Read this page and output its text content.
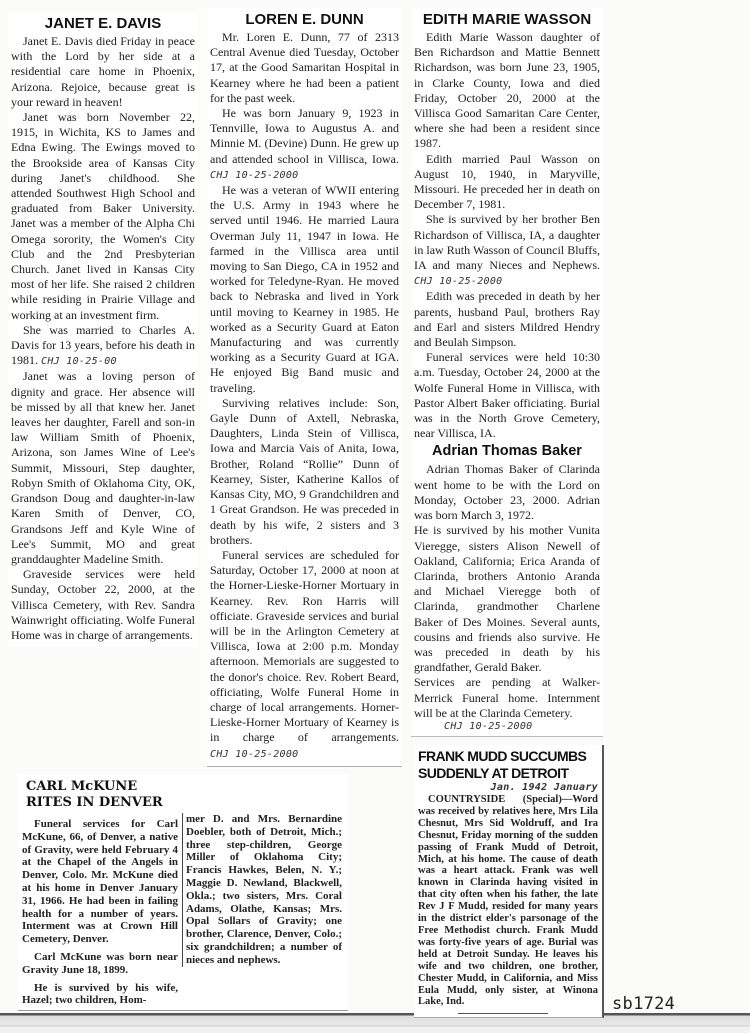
JANET E. DAVIS

Janet E. Davis died Friday in peace with the Lord by her side at a residential care home in Phoenix, Arizona. Rejoice, because great is your reward in heaven!

Janet was born November 22, 1915, in Wichita, KS to James and Edna Ewing. The Ewings moved to the Brookside area of Kansas City during Janet's childhood. She attended Southwest High School and graduated from Baker University. Janet was a member of the Alpha Chi Omega sorority, the Women's City Club and the 2nd Presbyterian Church. Janet lived in Kansas City most of her life. She raised 2 children while residing in Prairie Village and working at an investment firm.

She was married to Charles A. Davis for 13 years, before his death in 1981. CHJ 10-25-00

Janet was a loving person of dignity and grace. Her absence will be missed by all that knew her. Janet leaves her daughter, Farell and son-in law William Smith of Phoenix, Arizona, son James Wine of Lee's Summit, Missouri, Step daughter, Robyn Smith of Oklahoma City, OK, Grandson Doug and daughter-in-law Karen Smith of Denver, CO, Grandsons Jeff and Kyle Wine of Lee's Summit, MO and great granddaughter Madeline Smith.

Graveside services were held Sunday, October 22, 2000, at the Villisca Cemetery, with Rev. Sandra Wainwright officiating. Wolfe Funeral Home was in charge of arrangements.

LOREN E. DUNN

Mr. Loren E. Dunn, 77 of 2313 Central Avenue died Tuesday, October 17, at the Good Samaritan Hospital in Kearney where he had been a patient for the past week.

He was born January 9, 1923 in Tennville, Iowa to Augustus A. and Minnie M. (Devine) Dunn. He grew up and attended school in Villisca, Iowa. CHJ 10-25-2000

He was a veteran of WWII entering the U.S. Army in 1943 where he served until 1946. He married Laura Overman July 11, 1947 in Iowa. He farmed in the Villisca area until moving to San Diego, CA in 1952 and worked for Teledyne-Ryan. He moved back to Nebraska and lived in York until moving to Kearney in 1985. He worked as a Security Guard at Eaton Manufacturing and was currently working as a Security Guard at IGA. He enjoyed Big Band music and traveling.

Surviving relatives include: Son, Gayle Dunn of Axtell, Nebraska, Daughters, Linda Stein of Villisca, Iowa and Marcia Vais of Anita, Iowa, Brother, Roland “Rollie” Dunn of Kearney, Sister, Katherine Kallos of Kansas City, MO, 9 Grandchildren and 1 Great Grandson. He was preceded in death by his wife, 2 sisters and 3 brothers.

Funeral services are scheduled for Saturday, October 17, 2000 at noon at the Horner-Lieske-Horner Mortuary in Kearney. Rev. Ron Harris will officiate. Graveside services and burial will be in the Arlington Cemetery at Villisca, Iowa at 2:00 p.m. Monday afternoon. Memorials are suggested to the donor's choice. Rev. Robert Beard, officiating, Wolfe Funeral Home in charge of local arrangements. Horner-Lieske-Horner Mortuary of Kearney is in charge of arrangements. CHJ 10-25-2000

EDITH MARIE WASSON

Edith Marie Wasson daughter of Ben Richardson and Mattie Bennett Richardson, was born June 23, 1905, in Clarke County, Iowa and died Friday, October 20, 2000 at the Villisca Good Samaritan Care Center, where she had been a resident since 1987.

Edith married Paul Wasson on August 10, 1940, in Maryville, Missouri. He preceded her in death on December 7, 1981.

She is survived by her brother Ben Richardson of Villisca, IA, a daughter in law Ruth Wasson of Council Bluffs, IA and many Nieces and Nephews. CHJ 10-25-2000

Edith was preceded in death by her parents, husband Paul, brothers Ray and Earl and sisters Mildred Hendry and Beulah Simpson.

Funeral services were held 10:30 a.m. Tuesday, October 24, 2000 at the Wolfe Funeral Home in Villisca, with Pastor Albert Baker officiating. Burial was in the North Grove Cemetery, near Villisca, IA.

Adrian Thomas Baker

Adrian Thomas Baker of Clarinda went home to be with the Lord on Monday, October 23, 2000. Adrian was born March 3, 1972.

He is survived by his mother Vunita Vieregge, sisters Alison Newell of Oakland, California; Erica Aranda of Clarinda, brothers Antonio Aranda and Michael Vieregge both of Clarinda, grandmother Charlene Baker of Des Moines. Several aunts, cousins and friends also survive. He was preceded in death by his grandfather, Gerald Baker.

Services are pending at Walker-Merrick Funeral home. Internment will be at the Clarinda Cemetery.

CHJ 10-25-2000
CARL McKUNE
RITES IN DENVER

Funeral services for Carl McKune, 66, of Denver, a native of Gravity, were held February 4 at the Chapel of the Angels in Denver, Colo. Mr. McKune died at his home in Denver January 31, 1966. He had been in failing health for a number of years. Interment was at Crown Hill Cemetery, Denver.

Carl McKune was born near Gravity June 18, 1899.

He is survived by his wife, Hazel; two children, Hom-

mer D. and Mrs. Bernardine Doebler, both of Detroit, Mich.; three step-children, George Miller of Oklahoma City; Francis Hawkes, Belen, N. Y.; Maggie D. Newland, Blackwell, Okla.; two sisters, Mrs. Coral Adams, Olathe, Kansas; Mrs. Opal Sollars of Gravity; one brother, Clarence, Denver, Colo.; six grandchildren; a number of nieces and nephews.

FRANK MUDD SUCCUMBS
SUDDENLY AT DETROIT
Jan. 1942 January

COUNTRYSIDE (Special)—Word was received by relatives here, Mrs Lila Chesnut, Mrs Sid Woldruff, and Ira Chesnut, Friday morning of the sudden passing of Frank Mudd of Detroit, Mich, at his home. The cause of death was a heart attack. Frank was well known in Clarinda having visited in that city often when his father, the late Rev J F Mudd, resided for many years in the district elder's parsonage of the Free Methodist church. Frank Mudd was forty-five years of age. Burial was held at Detroit Sunday. He leaves his wife and two children, one brother, Chester Mudd, in California, and Miss Eula Mudd, only sister, at Winona Lake, Ind.	sb1724
